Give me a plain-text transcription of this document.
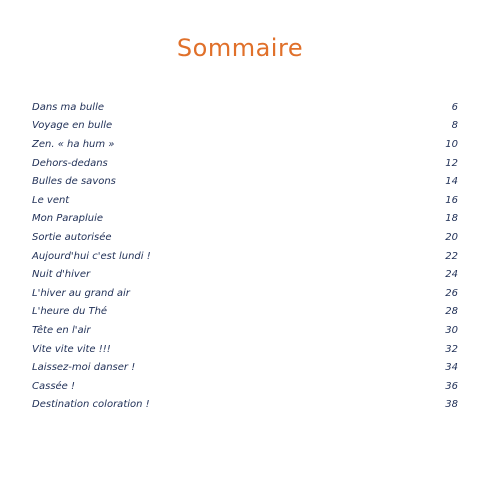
Sommaire
Dans ma bulle	6
Voyage en bulle	8
Zen. « ha hum »	10
Dehors-dedans	12
Bulles de savons	14
Le vent	16
Mon Parapluie	18
Sortie autorisée	20
Aujourd'hui c'est lundi !	22
Nuit d'hiver	24
L'hiver au grand air	26
L'heure du Thé	28
Tête en l'air	30
Vite vite vite !!!	32
Laissez-moi danser !	34
Cassée !	36
Destination coloration !	38
